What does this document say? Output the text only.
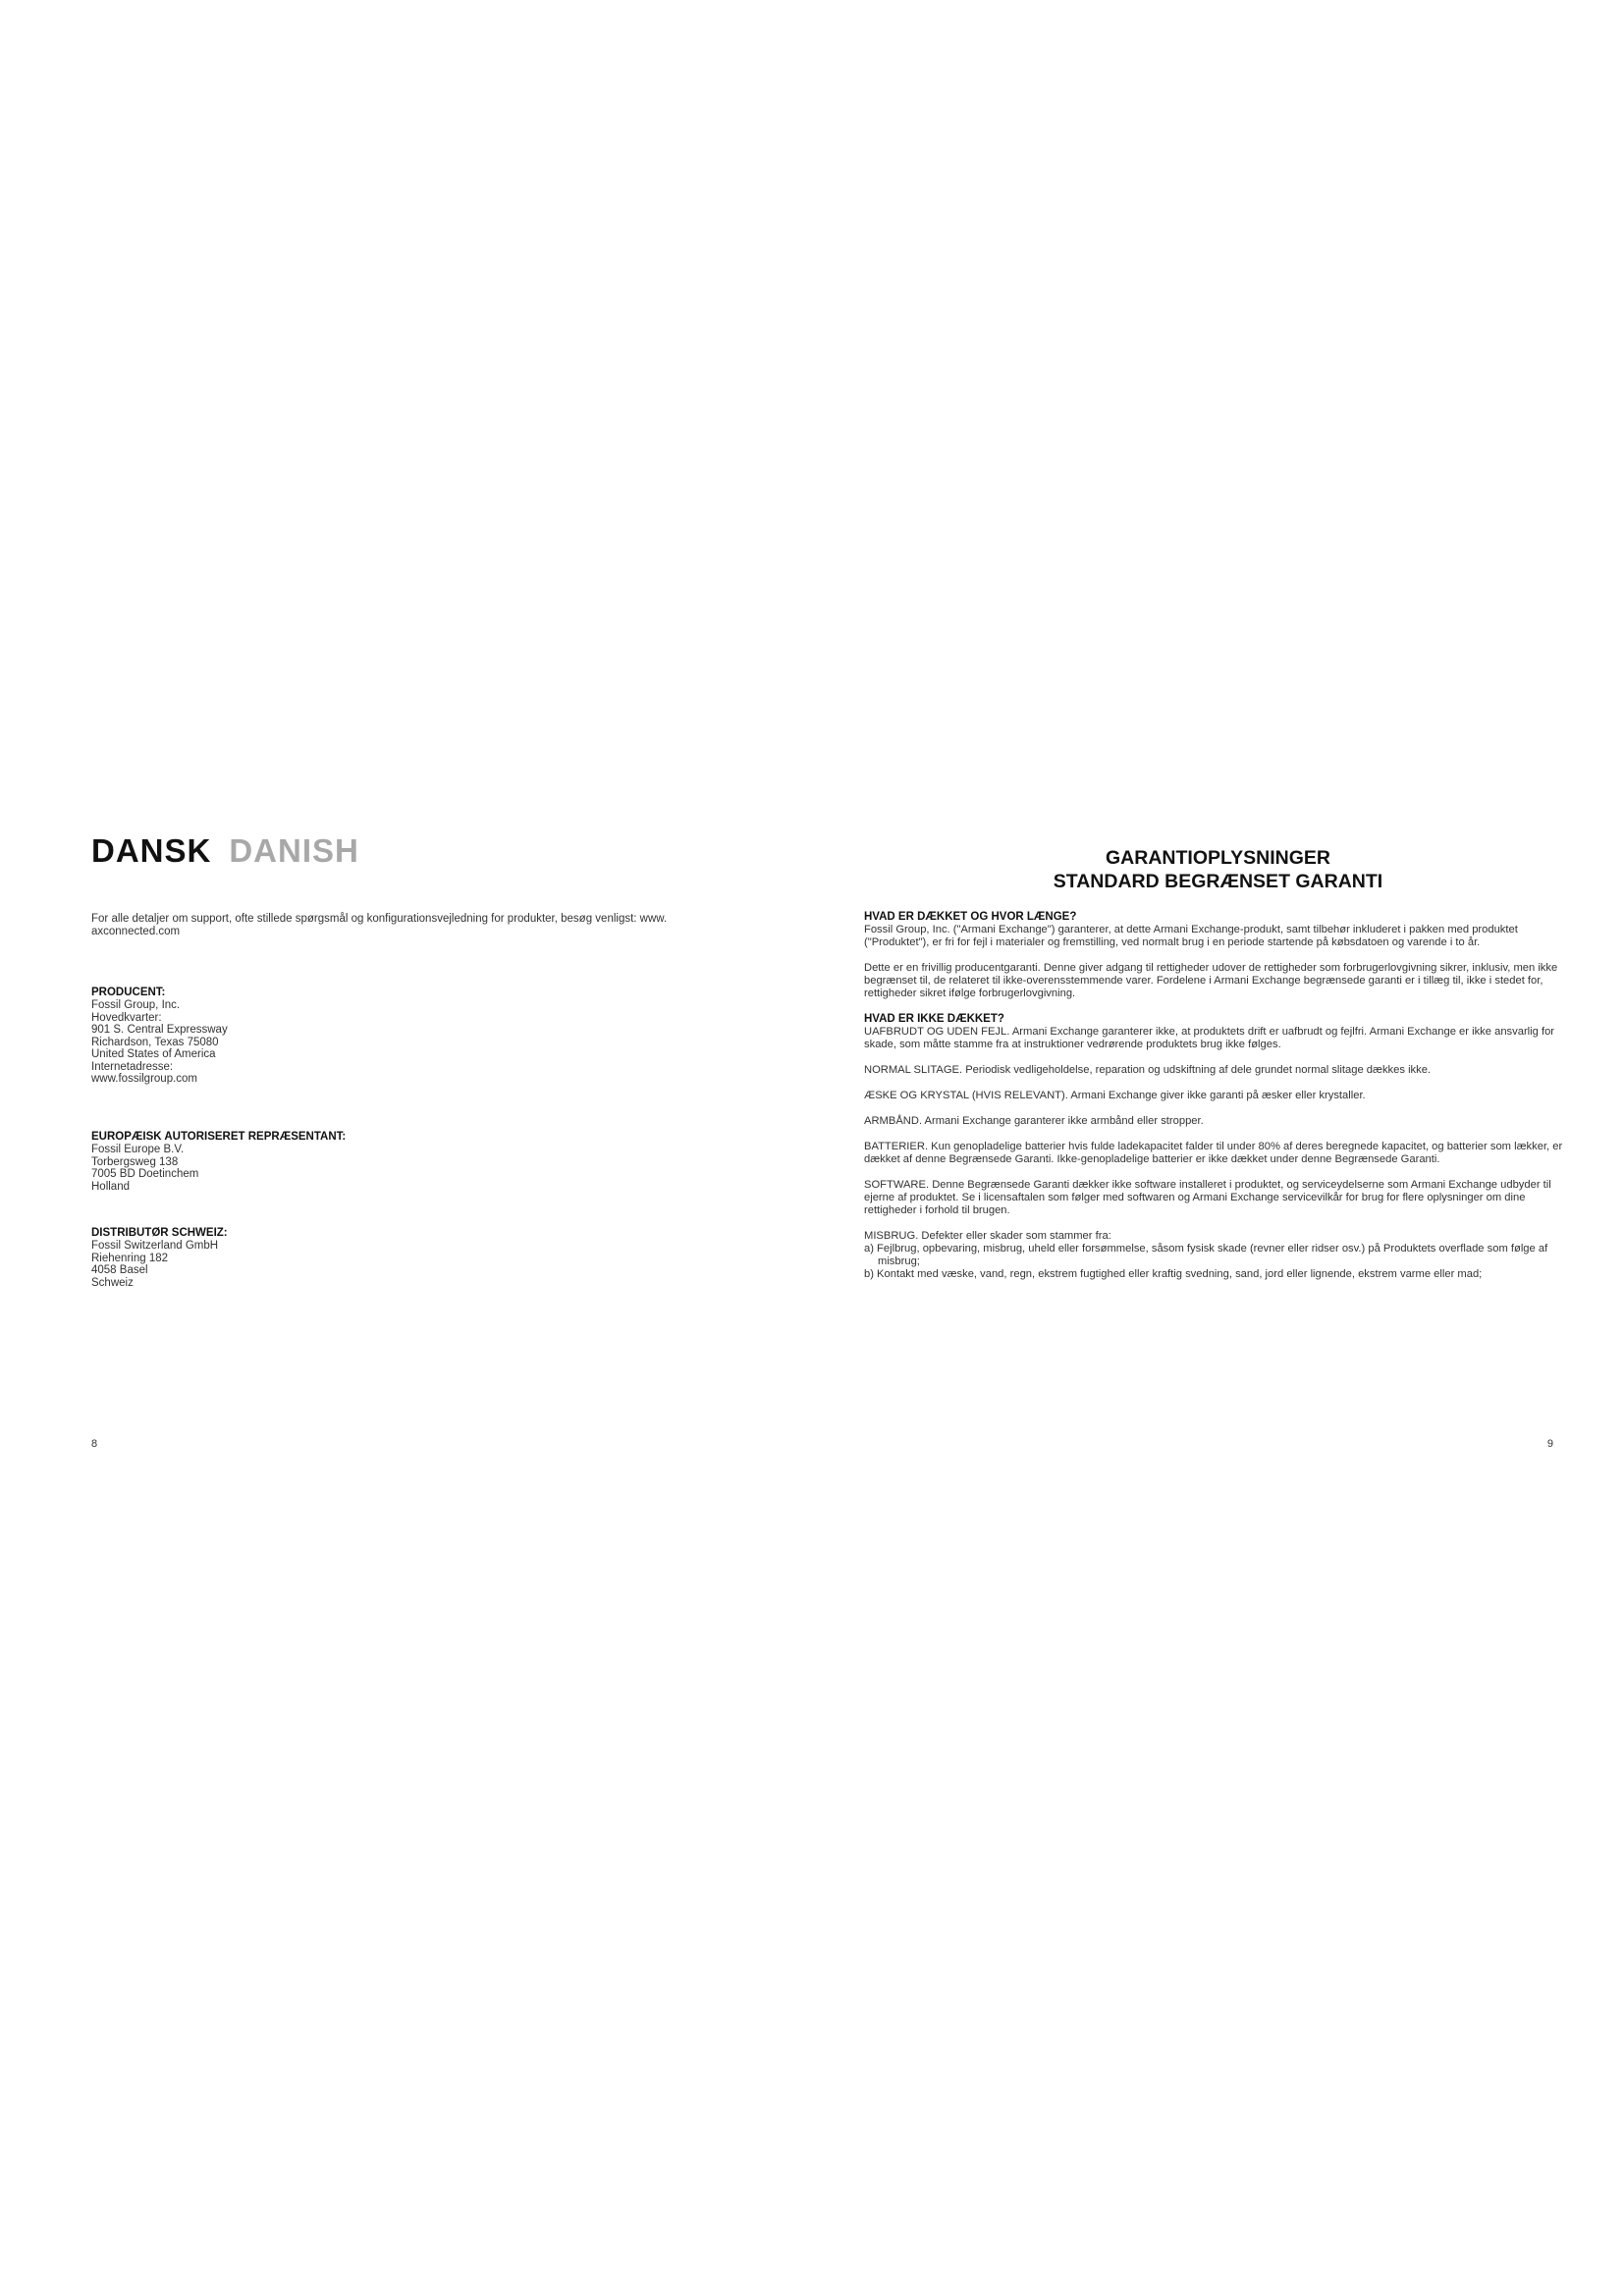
DANSK DANISH
For alle detaljer om support, ofte stillede spørgsmål og konfigurationsvejledning for produkter, besøg venligst: www.
axconnected.com

PRODUCENT:

Fossil Group, Inc.

Hovedkvarter:

901 S. Central Expressway

Richardson, Texas 75080

United States of America

Internetadresse:

www.fossilgroup.com

EUROPÆISK AUTORISERET REPRÆSENTANT:

Fossil Europe B.V.

Torbergsweg 138

7005 BD Doetinchem

Holland

DISTRIBUTØR SCHWEIZ:

Fossil Switzerland GmbH

Riehenring 182

4058 Basel

Schweiz

8
GARANTIOPLYSNINGER
STANDARD BEGRÆNSET GARANTI
HVAD ER DÆKKET OG HVOR LÆNGE?

Fossil Group, Inc. ("Armani Exchange") garanterer, at dette Armani Exchange-produkt, samt tilbehør inkluderet i pakken med produktet ("Produktet"), er fri for fejl i materialer og fremstilling, ved normalt brug i en periode startende på købsdatoen og varende i to år.

Dette er en frivillig producentgaranti. Denne giver adgang til rettigheder udover de rettigheder som forbrugerlovgivning sikrer, inklusiv, men ikke begrænset til, de relateret til ikke-overensstemmende varer. Fordelene i Armani Exchange begrænsede garanti er i tillæg til, ikke i stedet for, rettigheder sikret ifølge forbrugerlovgivning.

HVAD ER IKKE DÆKKET?

UAFBRUDT OG UDEN FEJL. Armani Exchange garanterer ikke, at produktets drift er uafbrudt og fejlfri. Armani Exchange er ikke ansvarlig for skade, som måtte stamme fra at instruktioner vedrørende produktets brug ikke følges.

NORMAL SLITAGE. Periodisk vedligeholdelse, reparation og udskiftning af dele grundet normal slitage dækkes ikke.

ÆSKE OG KRYSTAL (HVIS RELEVANT). Armani Exchange giver ikke garanti på æsker eller krystaller.

ARMBÅND. Armani Exchange garanterer ikke armbånd eller stropper.

BATTERIER. Kun genopladelige batterier hvis fulde ladekapacitet falder til under 80% af deres beregnede kapacitet, og batterier som lækker, er dækket af denne Begrænsede Garanti. Ikke-genopladelige batterier er ikke dækket under denne Begrænsede Garanti.

SOFTWARE. Denne Begrænsede Garanti dækker ikke software installeret i produktet, og serviceydelserne som Armani Exchange udbyder til ejerne af produktet. Se i licensaftalen som følger med softwaren og Armani Exchange servicevilkår for brug for flere oplysninger om dine rettigheder i forhold til brugen.

MISBRUG. Defekter eller skader som stammer fra:

a) Fejlbrug, opbevaring, misbrug, uheld eller forsømmelse, såsom fysisk skade (revner eller ridser osv.) på Produktets overflade som følge af misbrug;

b) Kontakt med væske, vand, regn, ekstrem fugtighed eller kraftig svedning, sand, jord eller lignende, ekstrem varme eller mad;

9
